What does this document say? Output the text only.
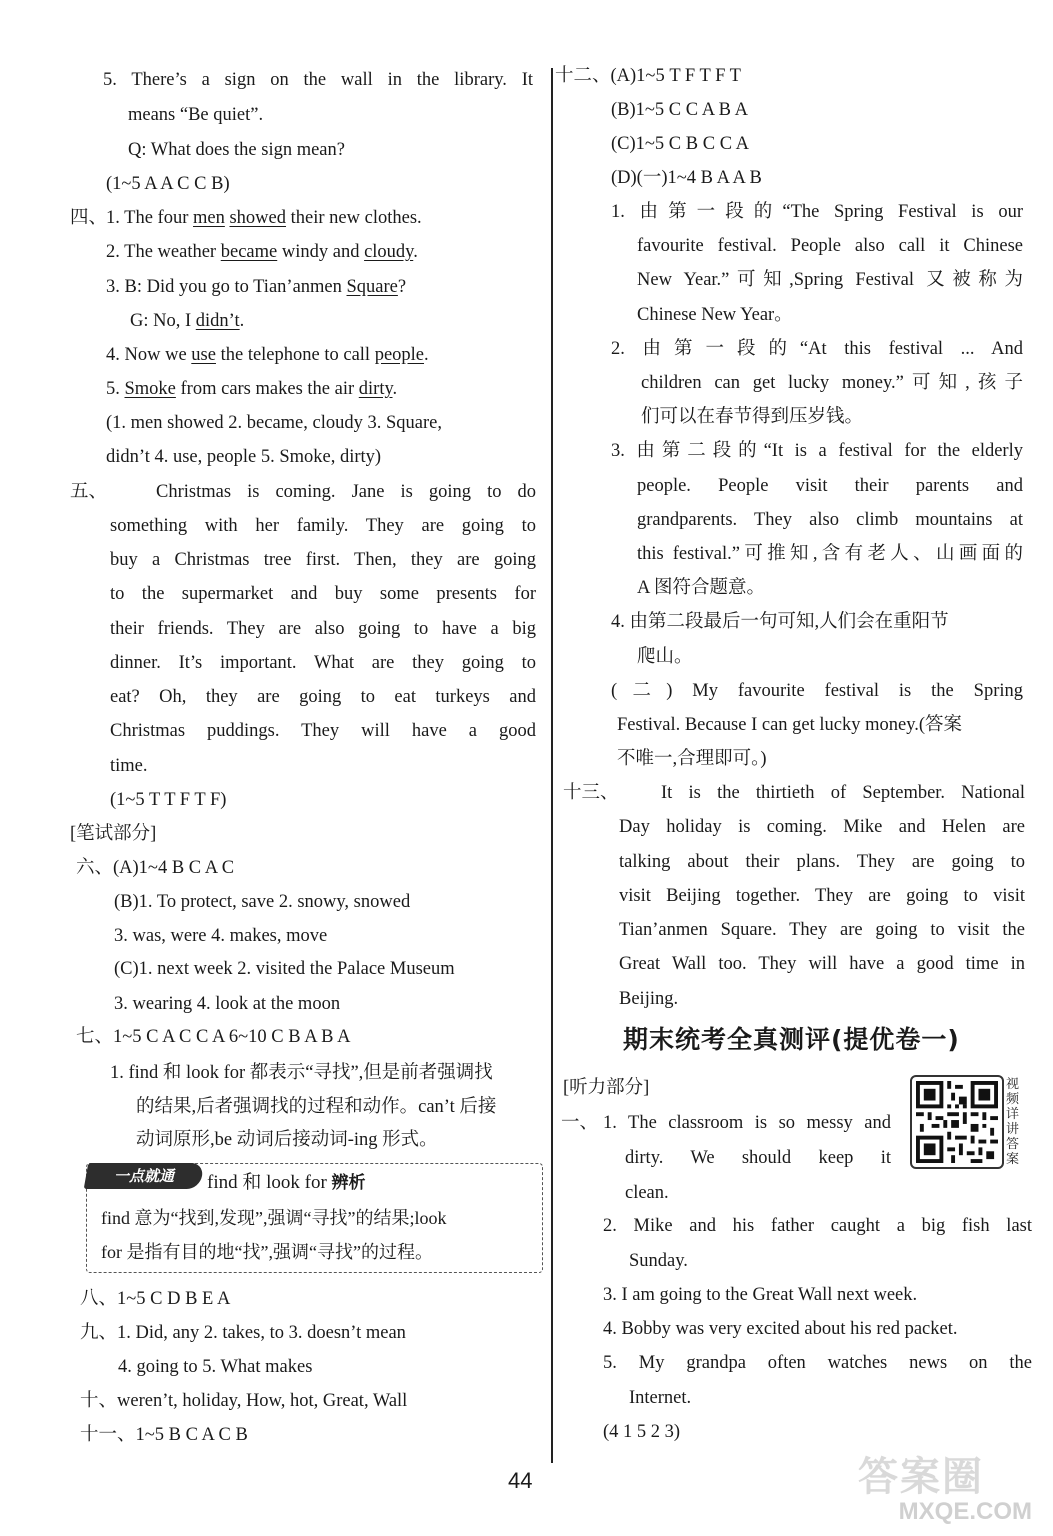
5. There’s a sign on the wall in the library. It
means “Be quiet”.
Q: What does the sign mean?
(1~5 A A C C B)
四、
1. The four men showed their new clothes.
2. The weather became windy and cloudy.
3. B: Did you go to Tian’anmen Square?
G: No, I didn’t.
4. Now we use the telephone to call people.
5. Smoke from cars makes the air dirty.
(1. men showed 2. became, cloudy 3. Square,
didn’t 4. use, people 5. Smoke, dirty)
五、	Christmas is coming. Jane is going to do
something with her family. They are going to
buy a Christmas tree first. Then, they are going
to the supermarket and buy some presents for
their friends. They are also going to have a big
dinner. It’s important. What are they going to
eat? Oh, they are going to eat turkeys and
Christmas puddings. They will have a good
time.
(1~5 T T F T F)
[笔试部分]
六、(A)1~4 B C A C
(B)1. To protect, save 2. snowy, snowed
3. was, were 4. makes, move
(C)1. next week 2. visited the Palace Museum
3. wearing 4. look at the moon
七、1~5 C A C C A 6~10 C B A B A
1. find 和 look for 都表示“寻找”,但是前者强调找
的结果,后者强调找的过程和动作。can’t 后接
动词原形,be 动词后接动词-ing 形式。
一点就通	find 和 look for 辨析
find 意为“找到,发现”,强调“寻找”的结果;look
for 是指有目的地“找”,强调“寻找”的过程。
八、1~5 C D B E A
九、1. Did, any 2. takes, to 3. doesn’t mean
4. going to 5. What makes
十、weren’t, holiday, How, hot, Great, Wall
十一、1~5 B C A C B
十二、(A)1~5 T F T F T
(B)1~5 C C A B A
(C)1~5 C B C C A
(D)(一)1~4 B A A B
1. 由第一段的“The Spring Festival is our
favourite festival. People also call it Chinese
New Year.”可知,Spring Festival 又被称为
Chinese New Year。
2. 由第一段的“At this festival ... And
children can get lucky money.”可知,孩子
们可以在春节得到压岁钱。
3. 由第二段的“It is a festival for the elderly
people. People visit their parents and
grandparents. They also climb mountains at
this festival.”可推知,含有老人、山画面的
A 图符合题意。
4. 由第二段最后一句可知,人们会在重阳节
爬山。
(二) My favourite festival is the Spring
Festival. Because I can get lucky money.(答案
不唯一,合理即可。)
十三、 It is the thirtieth of September. National
Day holiday is coming. Mike and Helen are
talking about their plans. They are going to
visit Beijing together. They are going to visit
Tian’anmen Square. They are going to visit the
Great Wall too. They will have a good time in
Beijing.
期末统考全真测评(提优卷一)
[听力部分]	视频详讲答案
一、 1. The classroom is so messy and
dirty. We should keep it
clean.
2. Mike and his father caught a big fish last
Sunday.
3. I am going to the Great Wall next week.
4. Bobby was very excited about his red packet.
5. My grandpa often watches news on the
Internet.
(4 1 5 2 3)
44	答案圈
MXQE.COM
